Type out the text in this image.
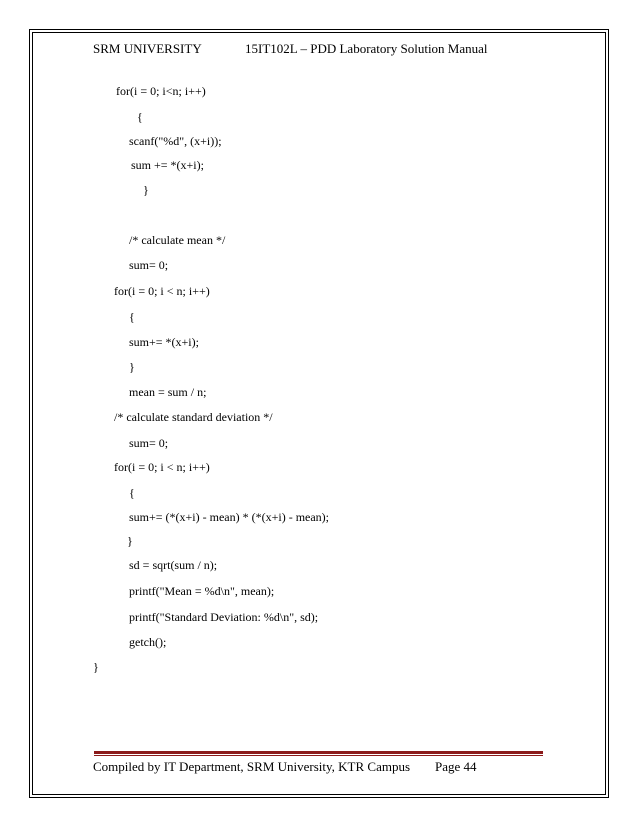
SRM UNIVERSITY	15IT102L – PDD Laboratory Solution Manual
for(i = 0; i<n; i++)
{
scanf("%d", (x+i));
sum += *(x+i);
}
/* calculate mean */
sum= 0;
for(i = 0; i < n; i++)
{
sum+= *(x+i);
}
mean = sum / n;
/* calculate standard deviation */
sum= 0;
for(i = 0; i < n; i++)
{
sum+= (*(x+i) - mean) * (*(x+i) - mean);
}
sd = sqrt(sum / n);
printf("Mean = %d\n", mean);
printf("Standard Deviation: %d\n", sd);
getch();
}
Compiled by IT Department, SRM University, KTR Campus Page 44
